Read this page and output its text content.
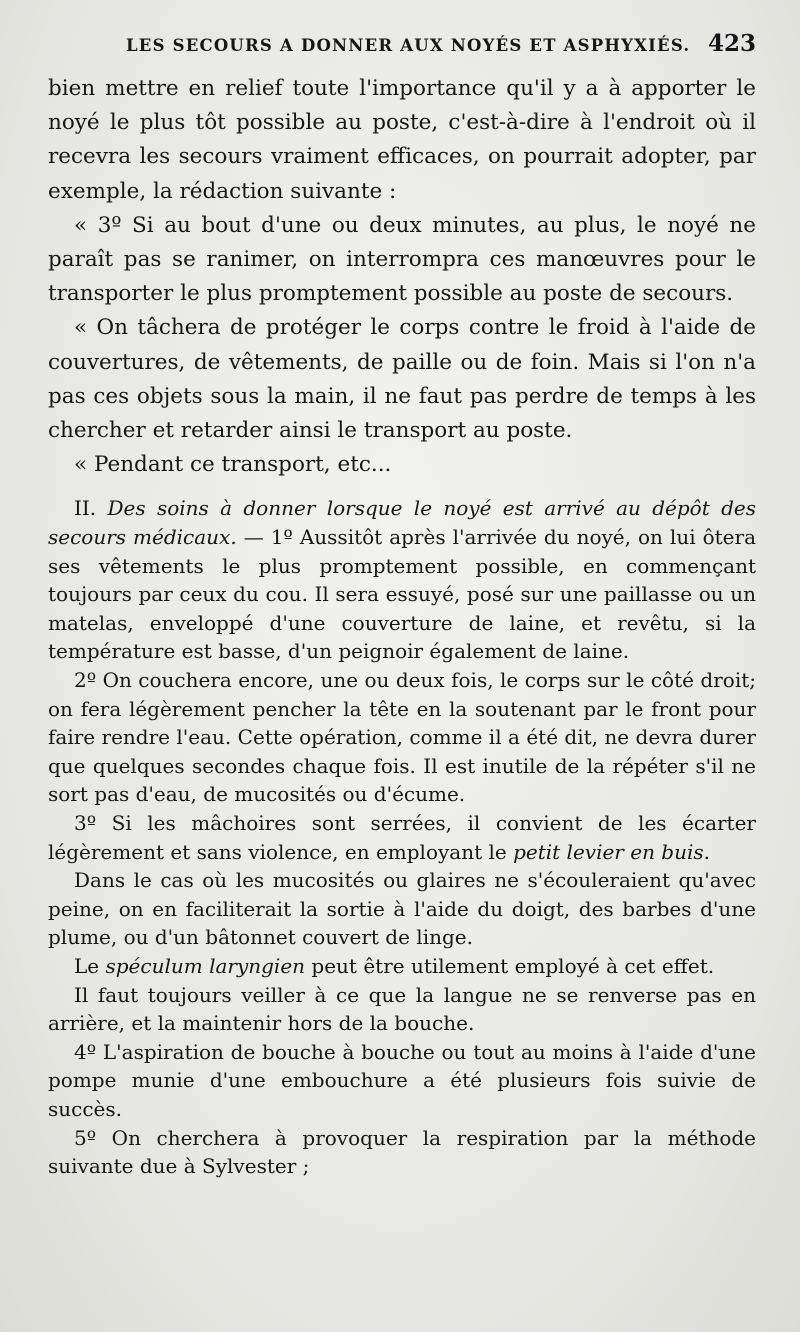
LES SECOURS A DONNER AUX NOYÉS ET ASPHYXIÉS. 423

bien mettre en relief toute l'importance qu'il y a à apporter le noyé le plus tôt possible au poste, c'est-à-dire à l'endroit où il recevra les secours vraiment efficaces, on pourrait adopter, par exemple, la rédaction suivante :

« 3º Si au bout d'une ou deux minutes, au plus, le noyé ne paraît pas se ranimer, on interrompra ces manœuvres pour le transporter le plus promptement possible au poste de secours.

« On tâchera de protéger le corps contre le froid à l'aide de couvertures, de vêtements, de paille ou de foin. Mais si l'on n'a pas ces objets sous la main, il ne faut pas perdre de temps à les chercher et retarder ainsi le transport au poste.

« Pendant ce transport, etc...

II. Des soins à donner lorsque le noyé est arrivé au dépôt des secours médicaux. — 1º Aussitôt après l'arrivée du noyé, on lui ôtera ses vêtements le plus promptement possible, en commençant toujours par ceux du cou. Il sera essuyé, posé sur une paillasse ou un matelas, enveloppé d'une couverture de laine, et revêtu, si la température est basse, d'un peignoir également de laine.

2º On couchera encore, une ou deux fois, le corps sur le côté droit; on fera légèrement pencher la tête en la soutenant par le front pour faire rendre l'eau. Cette opération, comme il a été dit, ne devra durer que quelques secondes chaque fois. Il est inutile de la répéter s'il ne sort pas d'eau, de mucosités ou d'écume.

3º Si les mâchoires sont serrées, il convient de les écarter légèrement et sans violence, en employant le petit levier en buis.

Dans le cas où les mucosités ou glaires ne s'écouleraient qu'avec peine, on en faciliterait la sortie à l'aide du doigt, des barbes d'une plume, ou d'un bâtonnet couvert de linge.

Le spéculum laryngien peut être utilement employé à cet effet.

Il faut toujours veiller à ce que la langue ne se renverse pas en arrière, et la maintenir hors de la bouche.

4º L'aspiration de bouche à bouche ou tout au moins à l'aide d'une pompe munie d'une embouchure a été plusieurs fois suivie de succès.

5º On cherchera à provoquer la respiration par la méthode suivante due à Sylvester ;
